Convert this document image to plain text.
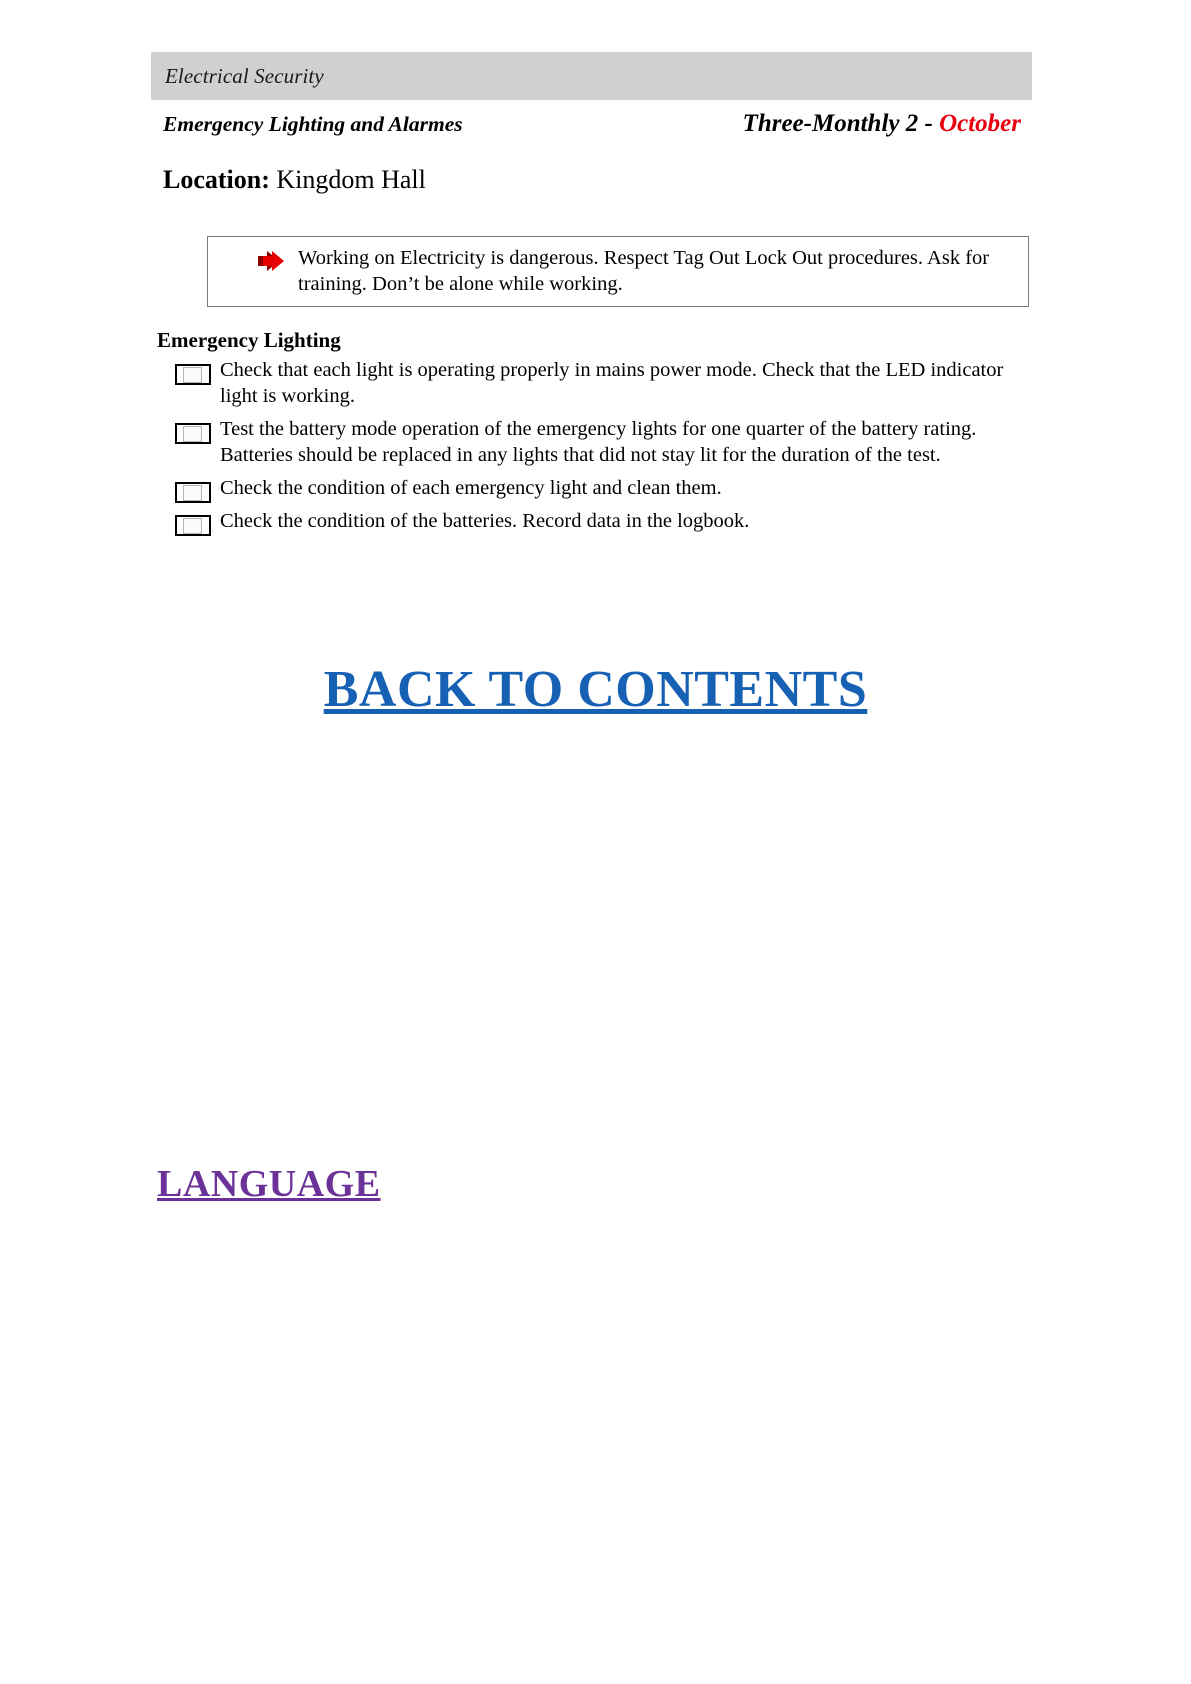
Electrical Security
Emergency Lighting and Alarmes	Three-Monthly 2 - October
Location: Kingdom Hall
Working on Electricity is dangerous. Respect Tag Out Lock Out procedures. Ask for training. Don’t be alone while working.
Emergency Lighting
Check that each light is operating properly in mains power mode. Check that the LED indicator light is working.
Test the battery mode operation of the emergency lights for one quarter of the battery rating. Batteries should be replaced in any lights that did not stay lit for the duration of the test.
Check the condition of each emergency light and clean them.
Check the condition of the batteries. Record data in the logbook.
BACK TO CONTENTS
LANGUAGE
